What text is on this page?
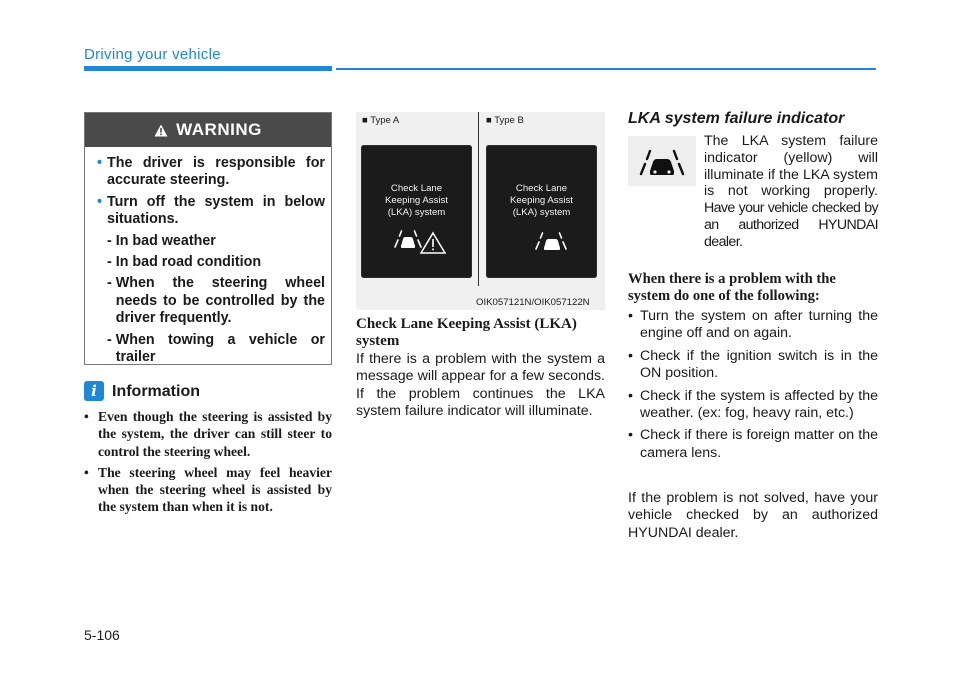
Driving your vehicle
WARNING
• The driver is responsible for accurate steering.
• Turn off the system in below situations.
- In bad weather
- In bad road condition
- When the steering wheel needs to be controlled by the driver frequently.
- When towing a vehicle or trailer
i Information
• Even though the steering is assisted by the system, the driver can still steer to control the steering wheel.
• The steering wheel may feel heavier when the steering wheel is assisted by the system than when it is not.
■ Type A	■ Type B
Check Lane
Keeping Assist
(LKA) system
Check Lane
Keeping Assist
(LKA) system
OIK057121N/OIK057122N
Check Lane Keeping Assist (LKA) system
If there is a problem with the system a message will appear for a few seconds. If the problem continues the LKA system failure indicator will illuminate.
LKA system failure indicator
The LKA system failure indicator (yellow) will illuminate if the LKA system is not working properly. Have your vehicle checked by an authorized HYUNDAI dealer.
When there is a problem with the system do one of the following:
• Turn the system on after turning the engine off and on again.
• Check if the ignition switch is in the ON position.
• Check if the system is affected by the weather. (ex: fog, heavy rain, etc.)
• Check if there is foreign matter on the camera lens.
If the problem is not solved, have your vehicle checked by an authorized HYUNDAI dealer.
5-106
